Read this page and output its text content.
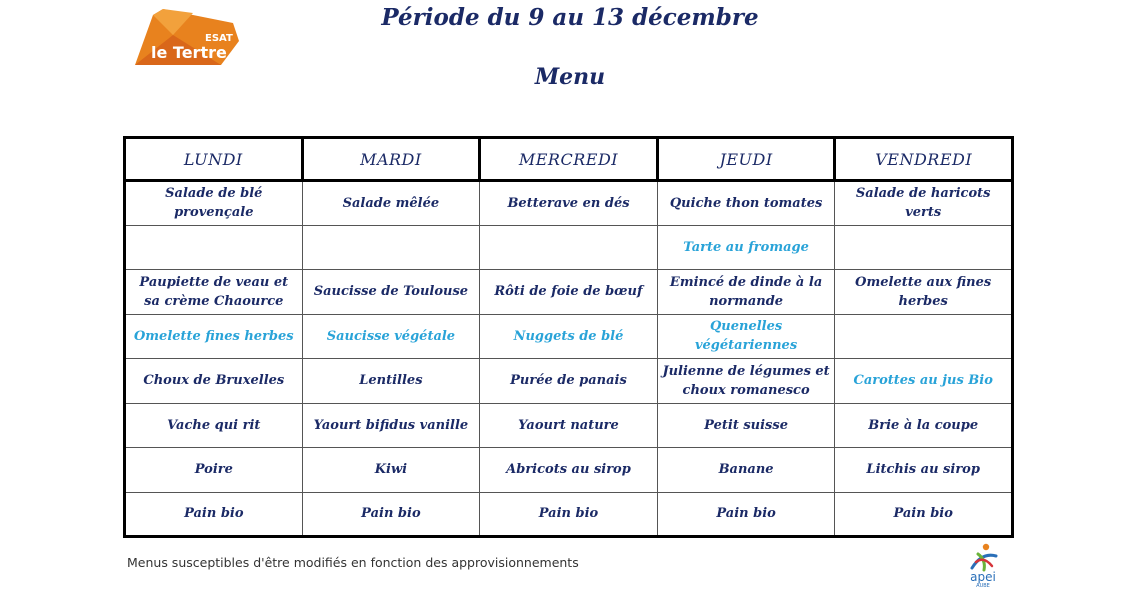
ESAT
le Tertre
Période du 9 au 13 décembre
Menu
LUNDI	MARDI	MERCREDI	JEUDI	VENDREDI
Salade de blé provençale	Salade mêlée	Betterave en dés	Quiche thon tomates	Salade de haricots verts
			Tarte au fromage	
Paupiette de veau et sa crème Chaource	Saucisse de Toulouse	Rôti de foie de bœuf	Emincé de dinde à la normande	Omelette aux fines herbes
Omelette fines herbes	Saucisse végétale	Nuggets de blé	Quenelles végétariennes	
Choux de Bruxelles	Lentilles	Purée de panais	Julienne de légumes et choux romanesco	Carottes au jus Bio
Vache qui rit	Yaourt bifidus vanille	Yaourt nature	Petit suisse	Brie à la coupe
Poire	Kiwi	Abricots au sirop	Banane	Litchis au sirop
Pain bio	Pain bio	Pain bio	Pain bio	Pain bio
Menus susceptibles d'être modifiés en fonction des approvisionnements
apei
AUBE
